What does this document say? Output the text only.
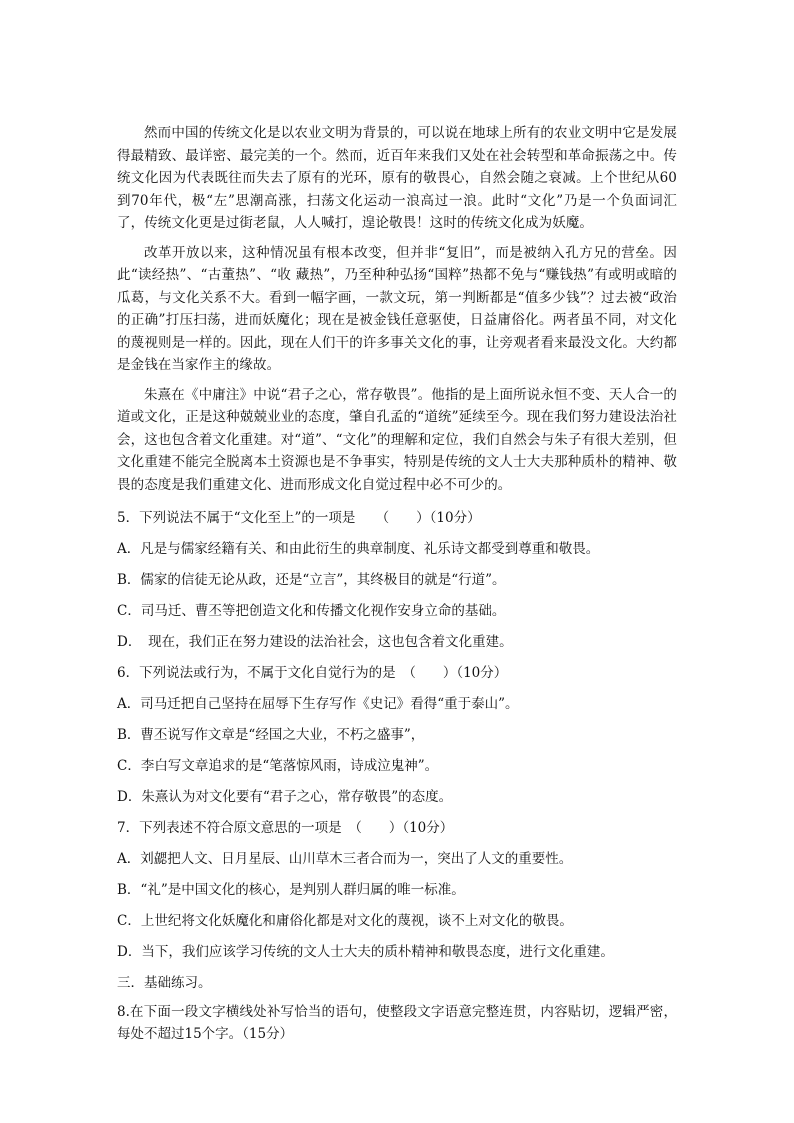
然而中国的传统文化是以农业文明为背景的，可以说在地球上所有的农业文明中它是发展得最精致、最详密、最完美的一个。然而，近百年来我们又处在社会转型和革命振荡之中。传统文化因为代表既往而失去了原有的光环，原有的敬畏心，自然会随之衰减。上个世纪从60到70年代，极“左”思潮高涨，扫荡文化运动一浪高过一浪。此时“文化”乃是一个负面词汇了，传统文化更是过街老鼠，人人喊打，遑论敬畏！这时的传统文化成为妖魔。

改革开放以来，这种情况虽有根本改变，但并非“复旧”，而是被纳入孔方兄的营垒。因此“读经热”、“古董热”、“收 藏热”，乃至种种弘扬“国粹”热都不免与“赚钱热”有或明或暗的瓜葛，与文化关系不大。看到一幅字画，一款文玩，第一判断都是“值多少钱”？过去被“政治的正确”打压扫荡，进而妖魔化；现在是被金钱任意驱使，日益庸俗化。两者虽不同，对文化的蔑视则是一样的。因此，现在人们干的许多事关文化的事，让旁观者看来最没文化。大约都是金钱在当家作主的缘故。

朱熹在《中庸注》中说“君子之心，常存敬畏”。他指的是上面所说永恒不变、天人合一的道或文化，正是这种兢兢业业的态度，肇自孔孟的“道统”延续至今。现在我们努力建设法治社会，这也包含着文化重建。对“道”、“文化”的理解和定位，我们自然会与朱子有很大差别，但文化重建不能完全脱离本土资源也是不争事实，特别是传统的文人士大夫那种质朴的精神、敬畏的态度是我们重建文化、进而形成文化自觉过程中必不可少的。

5．下列说法不属于“文化至上”的一项是　　（　　）（10分）

A．凡是与儒家经籍有关、和由此衍生的典章制度、礼乐诗文都受到尊重和敬畏。

B．儒家的信徒无论从政，还是“立言”，其终极目的就是“行道”。

C．司马迁、曹丕等把创造文化和传播文化视作安身立命的基础。

D．　现在，我们正在努力建设的法治社会，这也包含着文化重建。

6．下列说法或行为，不属于文化自觉行为的是　（　　）（10分）

A．司马迁把自己坚持在屈辱下生存写作《史记》看得“重于泰山”。

B．曹丕说写作文章是“经国之大业，不朽之盛事”，

C．李白写文章追求的是“笔落惊风雨，诗成泣鬼神”。

D．朱熹认为对文化要有“君子之心，常存敬畏”的态度。

7．下列表述不符合原文意思的一项是　（　　）（10分）

A．刘勰把人文、日月星辰、山川草木三者合而为一，突出了人文的重要性。

B．“礼”是中国文化的核心，是判别人群归属的唯一标准。

C．上世纪将文化妖魔化和庸俗化都是对文化的蔑视，谈不上对文化的敬畏。

D．当下，我们应该学习传统的文人士大夫的质朴精神和敬畏态度，进行文化重建。

三．基础练习。

8.在下面一段文字横线处补写恰当的语句，使整段文字语意完整连贯，内容贴切，逻辑严密，每处不超过15个字。（15分）
